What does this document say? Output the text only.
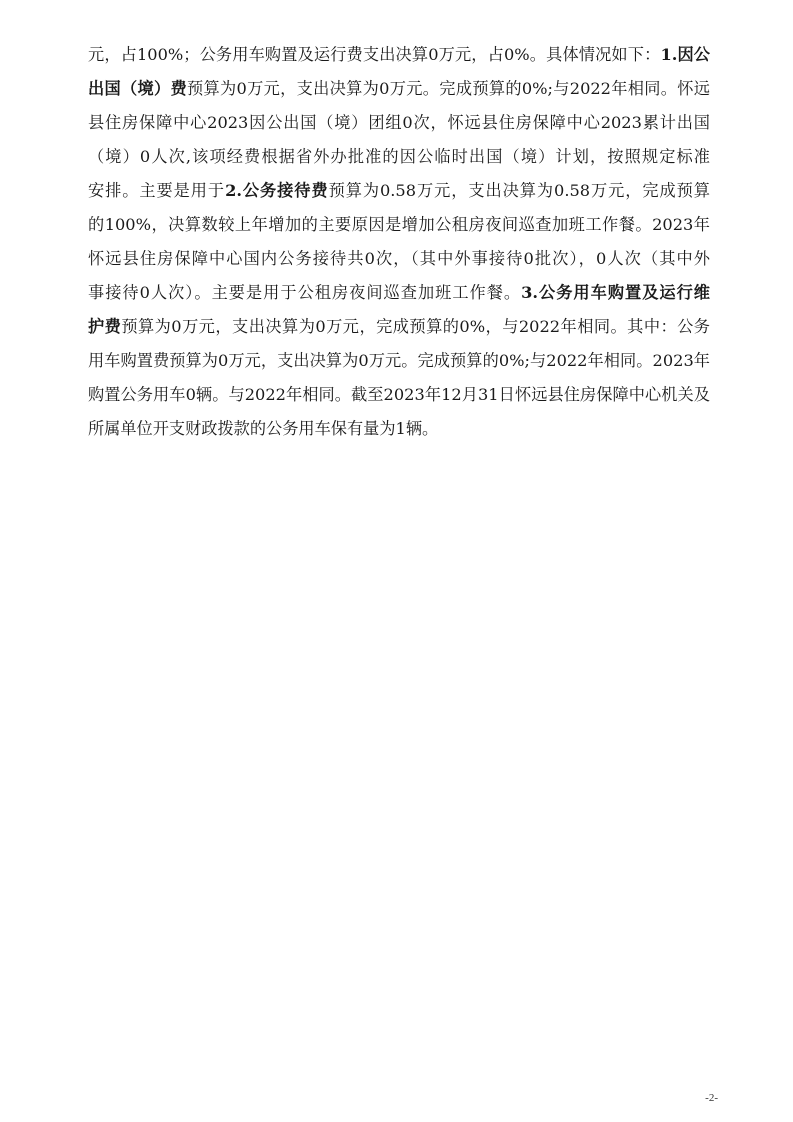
元，占100%；公务用车购置及运行费支出决算0万元，占0%。具体情况如下：1.因公
出国（境）费预算为0万元，支出决算为0万元。完成预算的0%;与2022年相同。怀远
县住房保障中心2023因公出国（境）团组0次，怀远县住房保障中心2023累计出国
（境）0人次,该项经费根据省外办批准的因公临时出国（境）计划，按照规定标准
安排。主要是用于2.公务接待费预算为0.58万元，支出决算为0.58万元，完成预算
的100%，决算数较上年增加的主要原因是增加公租房夜间巡查加班工作餐。2023年
怀远县住房保障中心国内公务接待共0次，（其中外事接待0批次），0人次（其中外
事接待0人次）。主要是用于公租房夜间巡查加班工作餐。3.公务用车购置及运行维
护费预算为0万元，支出决算为0万元，完成预算的0%，与2022年相同。其中：公务
用车购置费预算为0万元，支出决算为0万元。完成预算的0%;与2022年相同。2023年
购置公务用车0辆。与2022年相同。截至2023年12月31日怀远县住房保障中心机关及
所属单位开支财政拨款的公务用车保有量为1辆。
-2-
